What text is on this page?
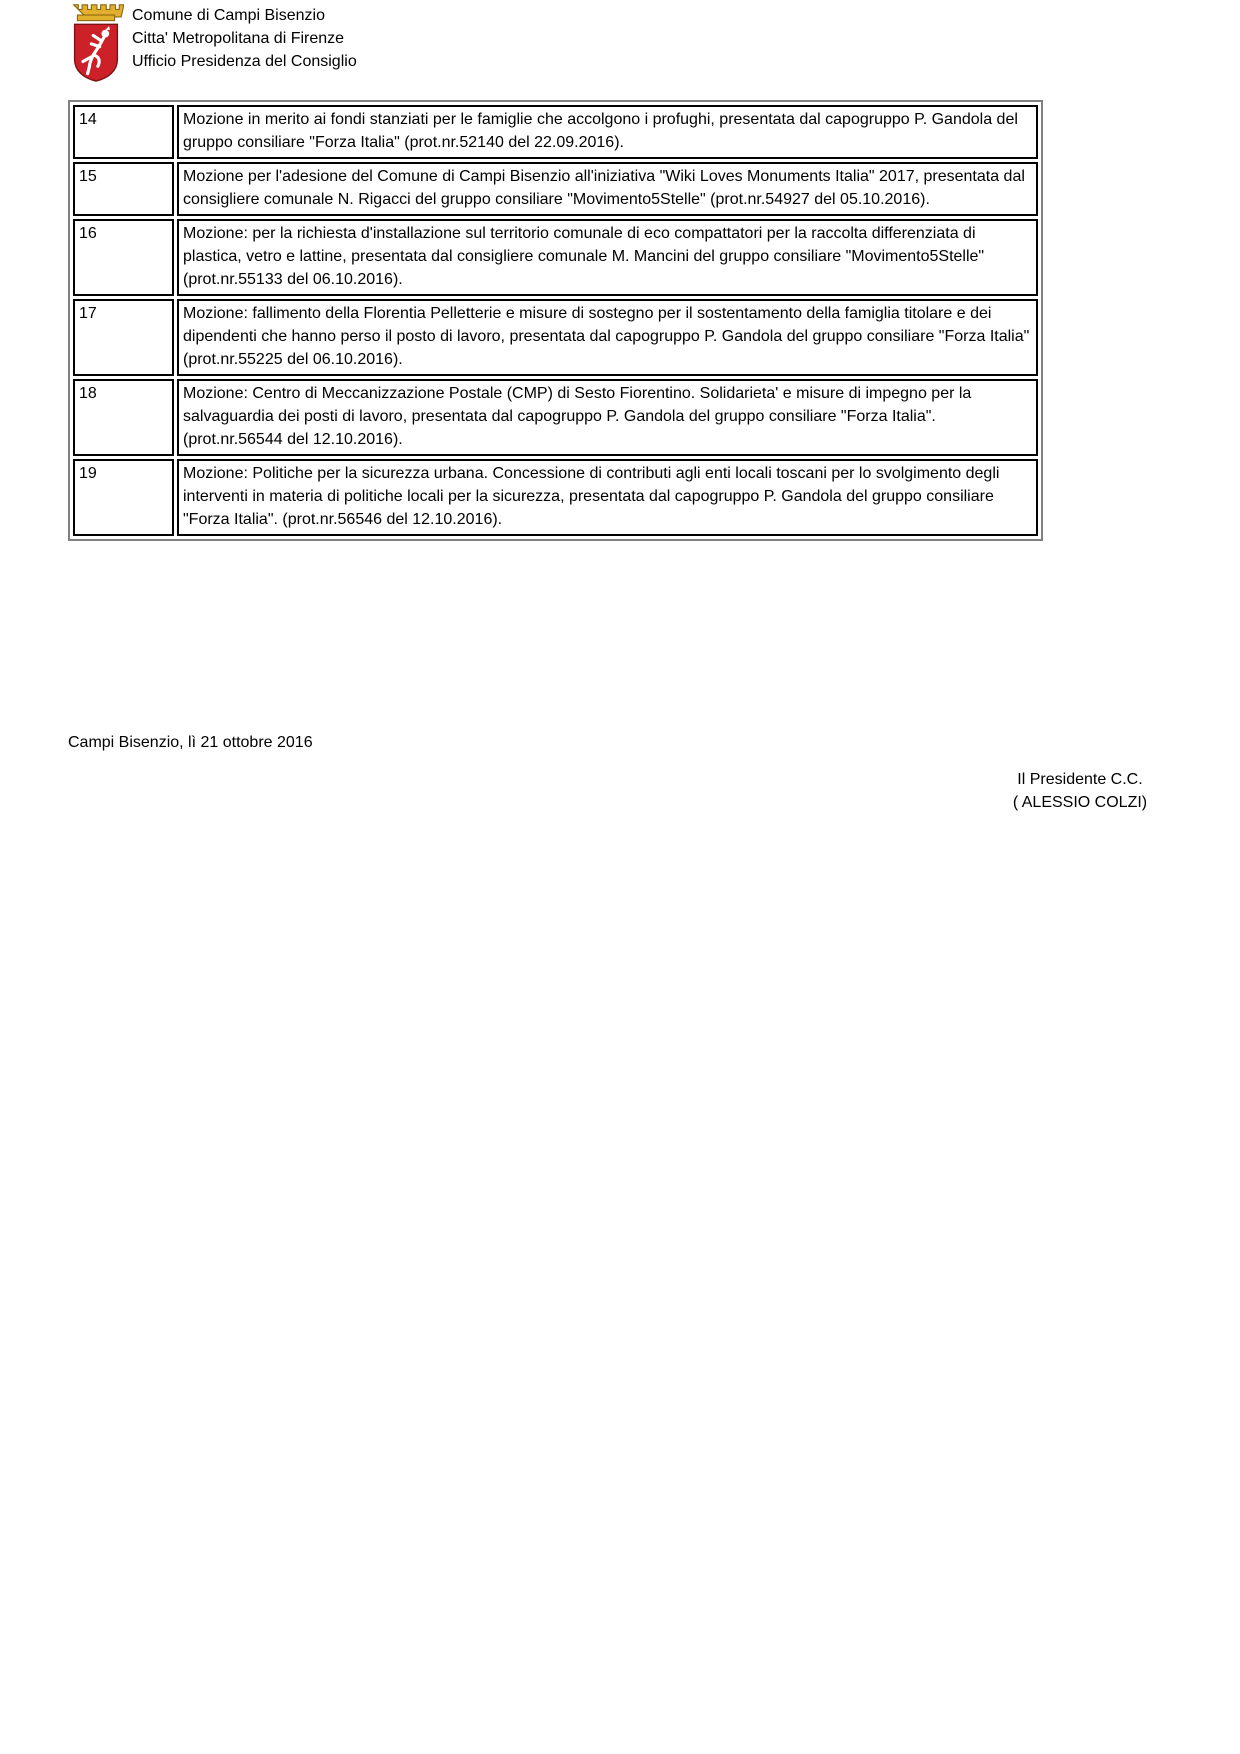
Comune di Campi Bisenzio
Citta' Metropolitana di Firenze
Ufficio Presidenza del Consiglio
14	Mozione in merito ai fondi stanziati per le famiglie che accolgono i profughi, presentata dal capogruppo P. Gandola del gruppo consiliare "Forza Italia" (prot.nr.52140 del 22.09.2016).
15	Mozione per l'adesione del Comune di Campi Bisenzio all'iniziativa "Wiki Loves Monuments Italia" 2017, presentata dal consigliere comunale N. Rigacci del gruppo consiliare "Movimento5Stelle" (prot.nr.54927 del 05.10.2016).
16	Mozione: per la richiesta d'installazione sul territorio comunale di eco compattatori per la raccolta differenziata di plastica, vetro e lattine, presentata dal consigliere comunale M. Mancini del gruppo consiliare "Movimento5Stelle" (prot.nr.55133 del 06.10.2016).
17	Mozione: fallimento della Florentia Pelletterie e misure di sostegno per il sostentamento della famiglia titolare e dei dipendenti che hanno perso il posto di lavoro, presentata dal capogruppo P. Gandola del gruppo consiliare "Forza Italia" (prot.nr.55225 del 06.10.2016).
18	Mozione: Centro di Meccanizzazione Postale (CMP) di Sesto Fiorentino. Solidarieta' e misure di impegno per la salvaguardia dei posti di lavoro, presentata dal capogruppo P. Gandola del gruppo consiliare "Forza Italia". (prot.nr.56544 del 12.10.2016).
19	Mozione: Politiche per la sicurezza urbana. Concessione di contributi agli enti locali toscani per lo svolgimento degli interventi in materia di politiche locali per la sicurezza, presentata dal capogruppo P. Gandola del gruppo consiliare "Forza Italia". (prot.nr.56546 del 12.10.2016).
Campi Bisenzio, lì 21 ottobre 2016
Il Presidente C.C.
( ALESSIO COLZI)
